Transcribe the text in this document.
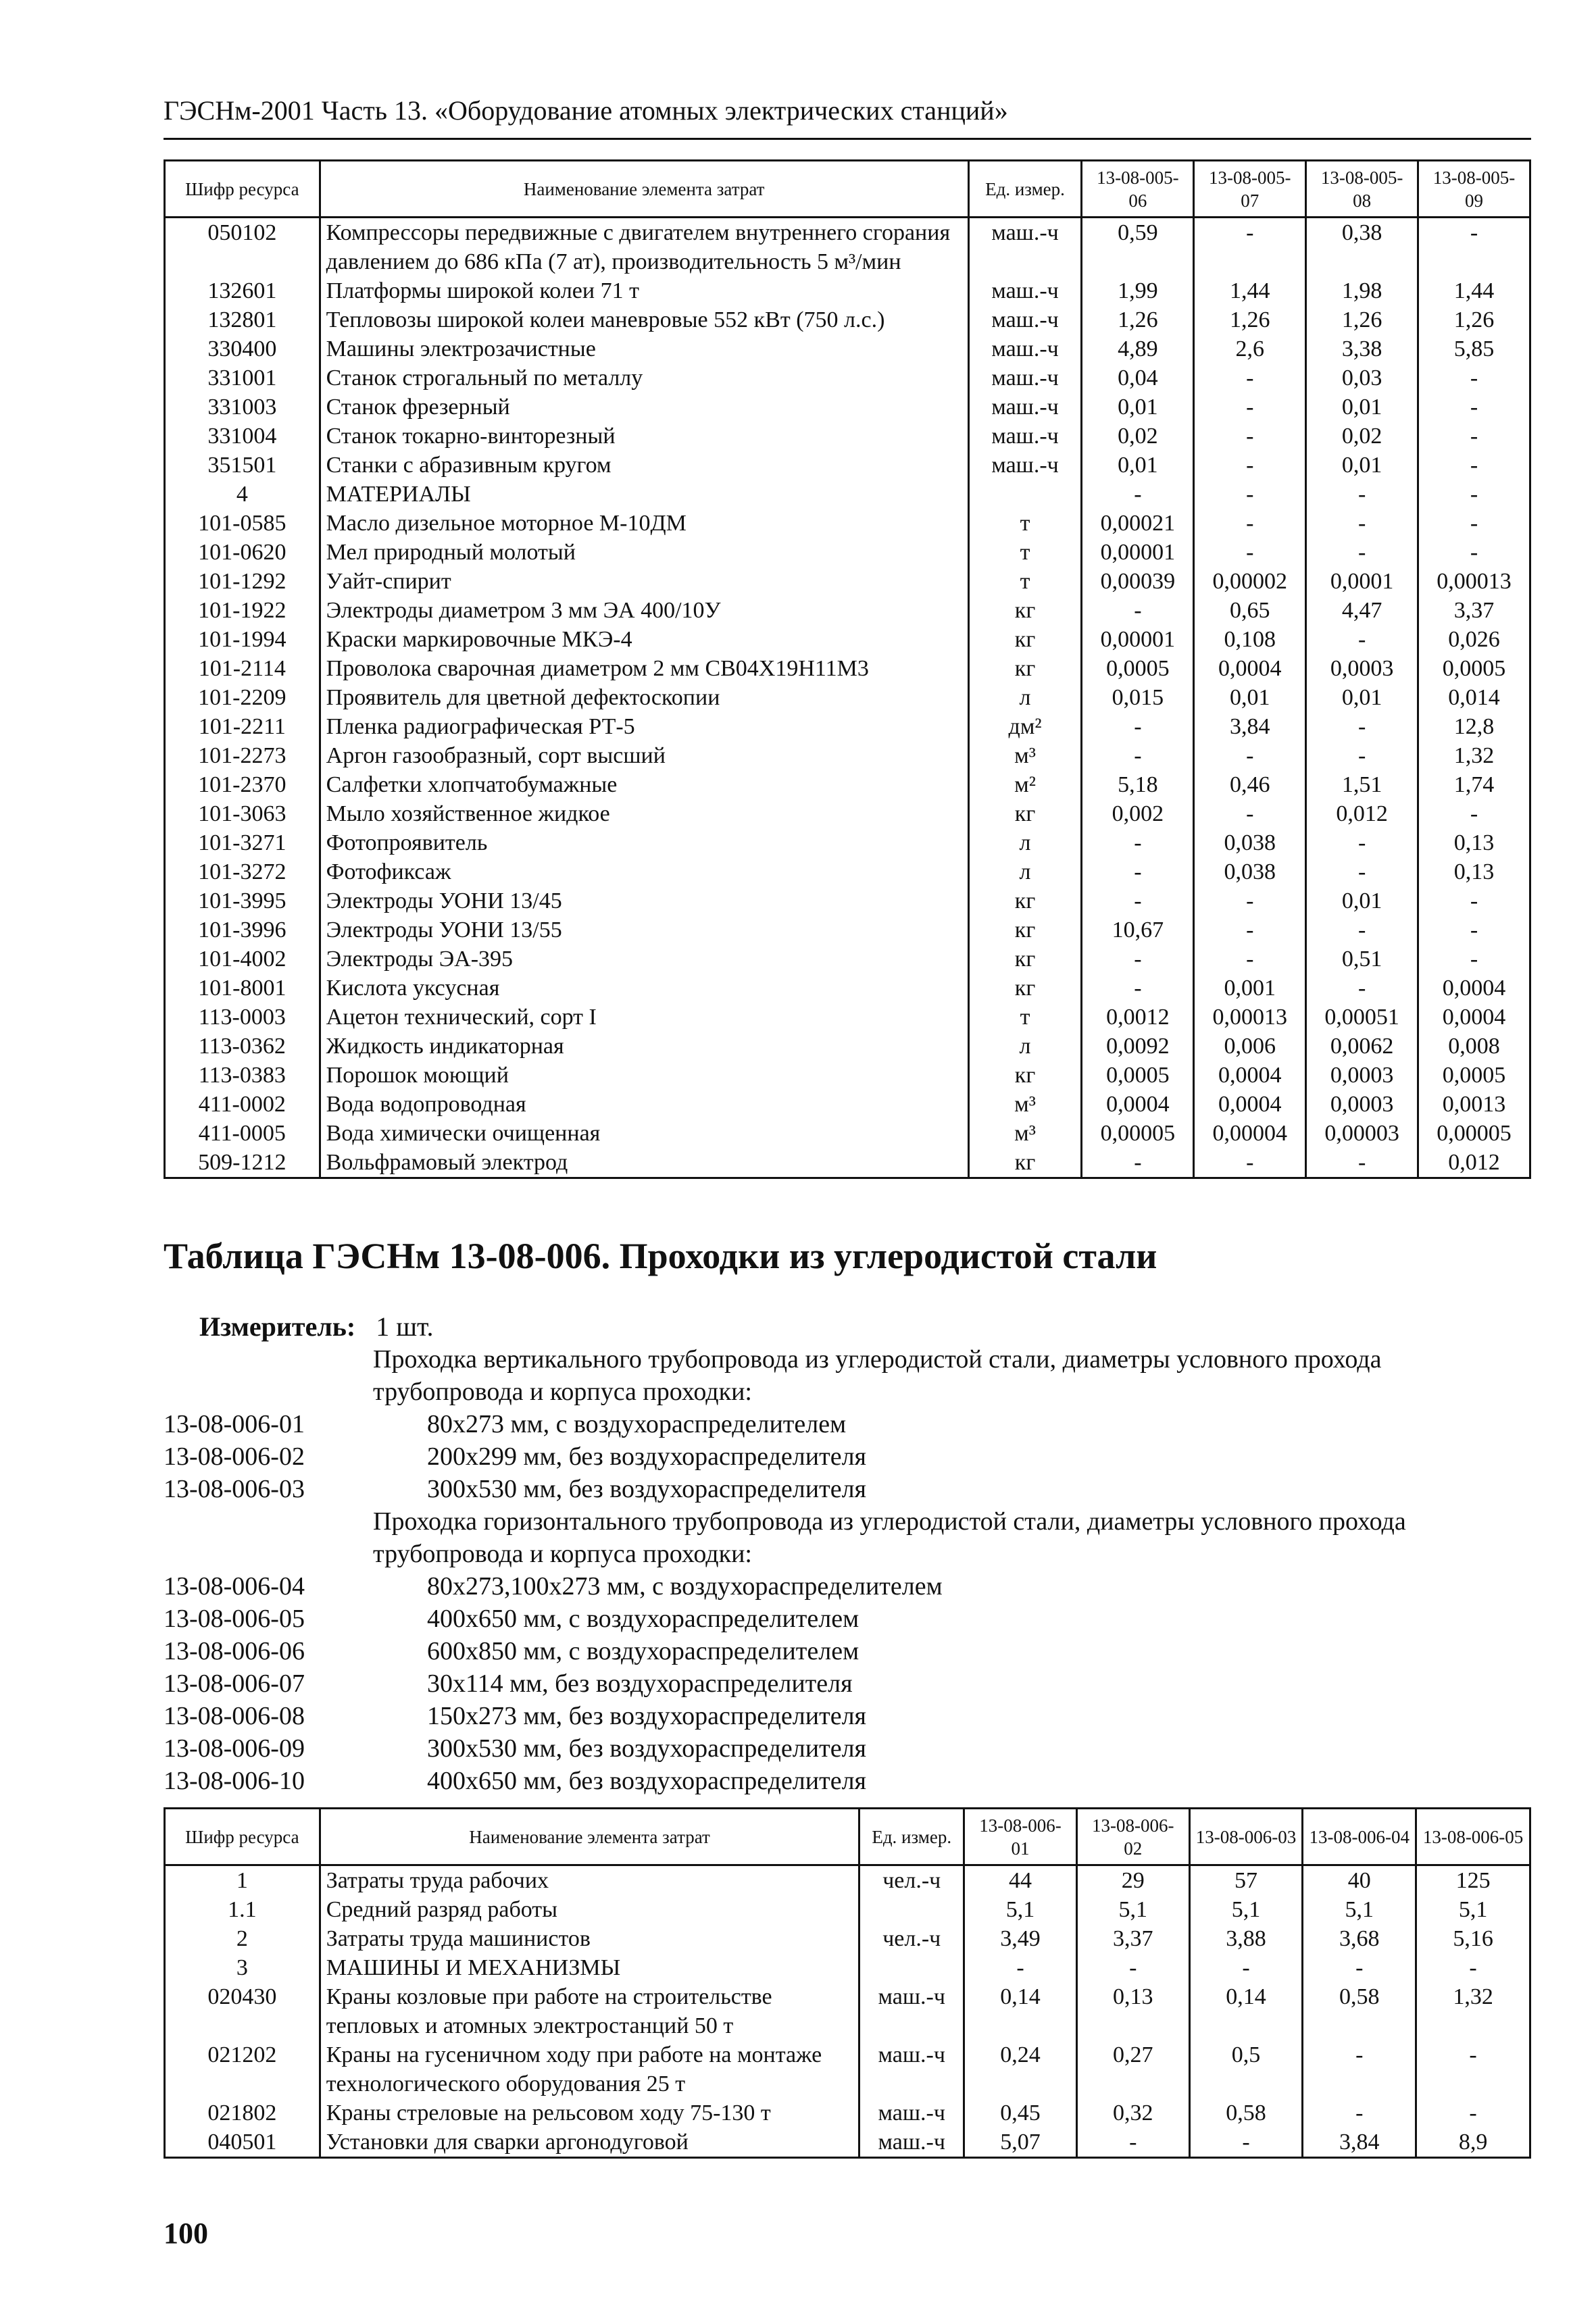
ГЭСНм-2001 Часть 13. «Оборудование атомных электрических станций»
Шифр ресурса	Наименование элемента затрат	Ед. измер.	13-08-005-06	13-08-005-07	13-08-005-08	13-08-005-09
050102	Компрессоры передвижные с двигателем внутреннего сгорания давлением до 686 кПа (7 ат), производительность 5 м³/мин	маш.-ч	0,59	-	0,38	-
132601	Платформы широкой колеи 71 т	маш.-ч	1,99	1,44	1,98	1,44
132801	Тепловозы широкой колеи маневровые 552 кВт (750 л.с.)	маш.-ч	1,26	1,26	1,26	1,26
330400	Машины электрозачистные	маш.-ч	4,89	2,6	3,38	5,85
331001	Станок строгальный по металлу	маш.-ч	0,04	-	0,03	-
331003	Станок фрезерный	маш.-ч	0,01	-	0,01	-
331004	Станок токарно-винторезный	маш.-ч	0,02	-	0,02	-
351501	Станки с абразивным кругом	маш.-ч	0,01	-	0,01	-
4	МАТЕРИАЛЫ		-	-	-	-
101-0585	Масло дизельное моторное М-10ДМ	т	0,00021	-	-	-
101-0620	Мел природный молотый	т	0,00001	-	-	-
101-1292	Уайт-спирит	т	0,00039	0,00002	0,0001	0,00013
101-1922	Электроды диаметром 3 мм ЭА 400/10У	кг	-	0,65	4,47	3,37
101-1994	Краски маркировочные МКЭ-4	кг	0,00001	0,108	-	0,026
101-2114	Проволока сварочная диаметром 2 мм СВ04Х19Н11М3	кг	0,0005	0,0004	0,0003	0,0005
101-2209	Проявитель для цветной дефектоскопии	л	0,015	0,01	0,01	0,014
101-2211	Пленка радиографическая РТ-5	дм²	-	3,84	-	12,8
101-2273	Аргон газообразный, сорт высший	м³	-	-	-	1,32
101-2370	Салфетки хлопчатобумажные	м²	5,18	0,46	1,51	1,74
101-3063	Мыло хозяйственное жидкое	кг	0,002	-	0,012	-
101-3271	Фотопроявитель	л	-	0,038	-	0,13
101-3272	Фотофиксаж	л	-	0,038	-	0,13
101-3995	Электроды УОНИ 13/45	кг	-	-	0,01	-
101-3996	Электроды УОНИ 13/55	кг	10,67	-	-	-
101-4002	Электроды ЭА-395	кг	-	-	0,51	-
101-8001	Кислота уксусная	кг	-	0,001	-	0,0004
113-0003	Ацетон технический, сорт I	т	0,0012	0,00013	0,00051	0,0004
113-0362	Жидкость индикаторная	л	0,0092	0,006	0,0062	0,008
113-0383	Порошок моющий	кг	0,0005	0,0004	0,0003	0,0005
411-0002	Вода водопроводная	м³	0,0004	0,0004	0,0003	0,0013
411-0005	Вода химически очищенная	м³	0,00005	0,00004	0,00003	0,00005
509-1212	Вольфрамовый электрод	кг	-	-	-	0,012
Таблица ГЭСНм 13-08-006. Проходки из углеродистой стали
Измеритель: 1 шт.
Проходка вертикального трубопровода из углеродистой стали, диаметры условного прохода трубопровода и корпуса проходки:
13-08-006-01	80x273 мм, с воздухораспределителем
13-08-006-02	200x299 мм, без воздухораспределителя
13-08-006-03	300x530 мм, без воздухораспределителя
Проходка горизонтального трубопровода из углеродистой стали, диаметры условного прохода трубопровода и корпуса проходки:
13-08-006-04	80x273,100x273 мм, с воздухораспределителем
13-08-006-05	400x650 мм, с воздухораспределителем
13-08-006-06	600x850 мм, с воздухораспределителем
13-08-006-07	30x114 мм, без воздухораспределителя
13-08-006-08	150x273 мм, без воздухораспределителя
13-08-006-09	300x530 мм, без воздухораспределителя
13-08-006-10	400x650 мм, без воздухораспределителя
Шифр ресурса	Наименование элемента затрат	Ед. измер.	13-08-006-01	13-08-006-02	13-08-006-03	13-08-006-04	13-08-006-05
1	Затраты труда рабочих	чел.-ч	44	29	57	40	125
1.1	Средний разряд работы		5,1	5,1	5,1	5,1	5,1
2	Затраты труда машинистов	чел.-ч	3,49	3,37	3,88	3,68	5,16
3	МАШИНЫ И МЕХАНИЗМЫ		-	-	-	-	-
020430	Краны козловые при работе на строительстве тепловых и атомных электростанций 50 т	маш.-ч	0,14	0,13	0,14	0,58	1,32
021202	Краны на гусеничном ходу при работе на монтаже технологического оборудования 25 т	маш.-ч	0,24	0,27	0,5	-	-
021802	Краны стреловые на рельсовом ходу 75-130 т	маш.-ч	0,45	0,32	0,58	-	-
040501	Установки для сварки аргонодуговой	маш.-ч	5,07	-	-	3,84	8,9
100
